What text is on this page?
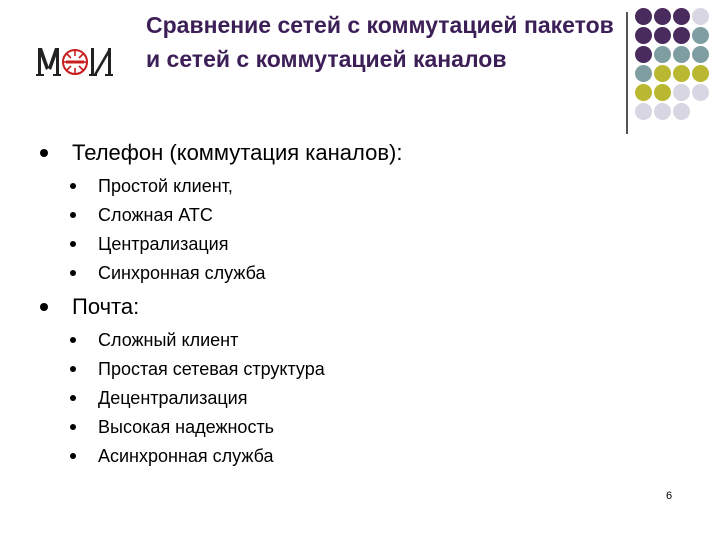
Сравнение сетей с коммутацией пакетов и сетей с коммутацией каналов
Телефон (коммутация каналов):
Простой клиент,
Сложная АТС
Централизация
Синхронная служба
Почта:
Сложный клиент
Простая сетевая структура
Децентрализация
Высокая надежность
Асинхронная служба
6
